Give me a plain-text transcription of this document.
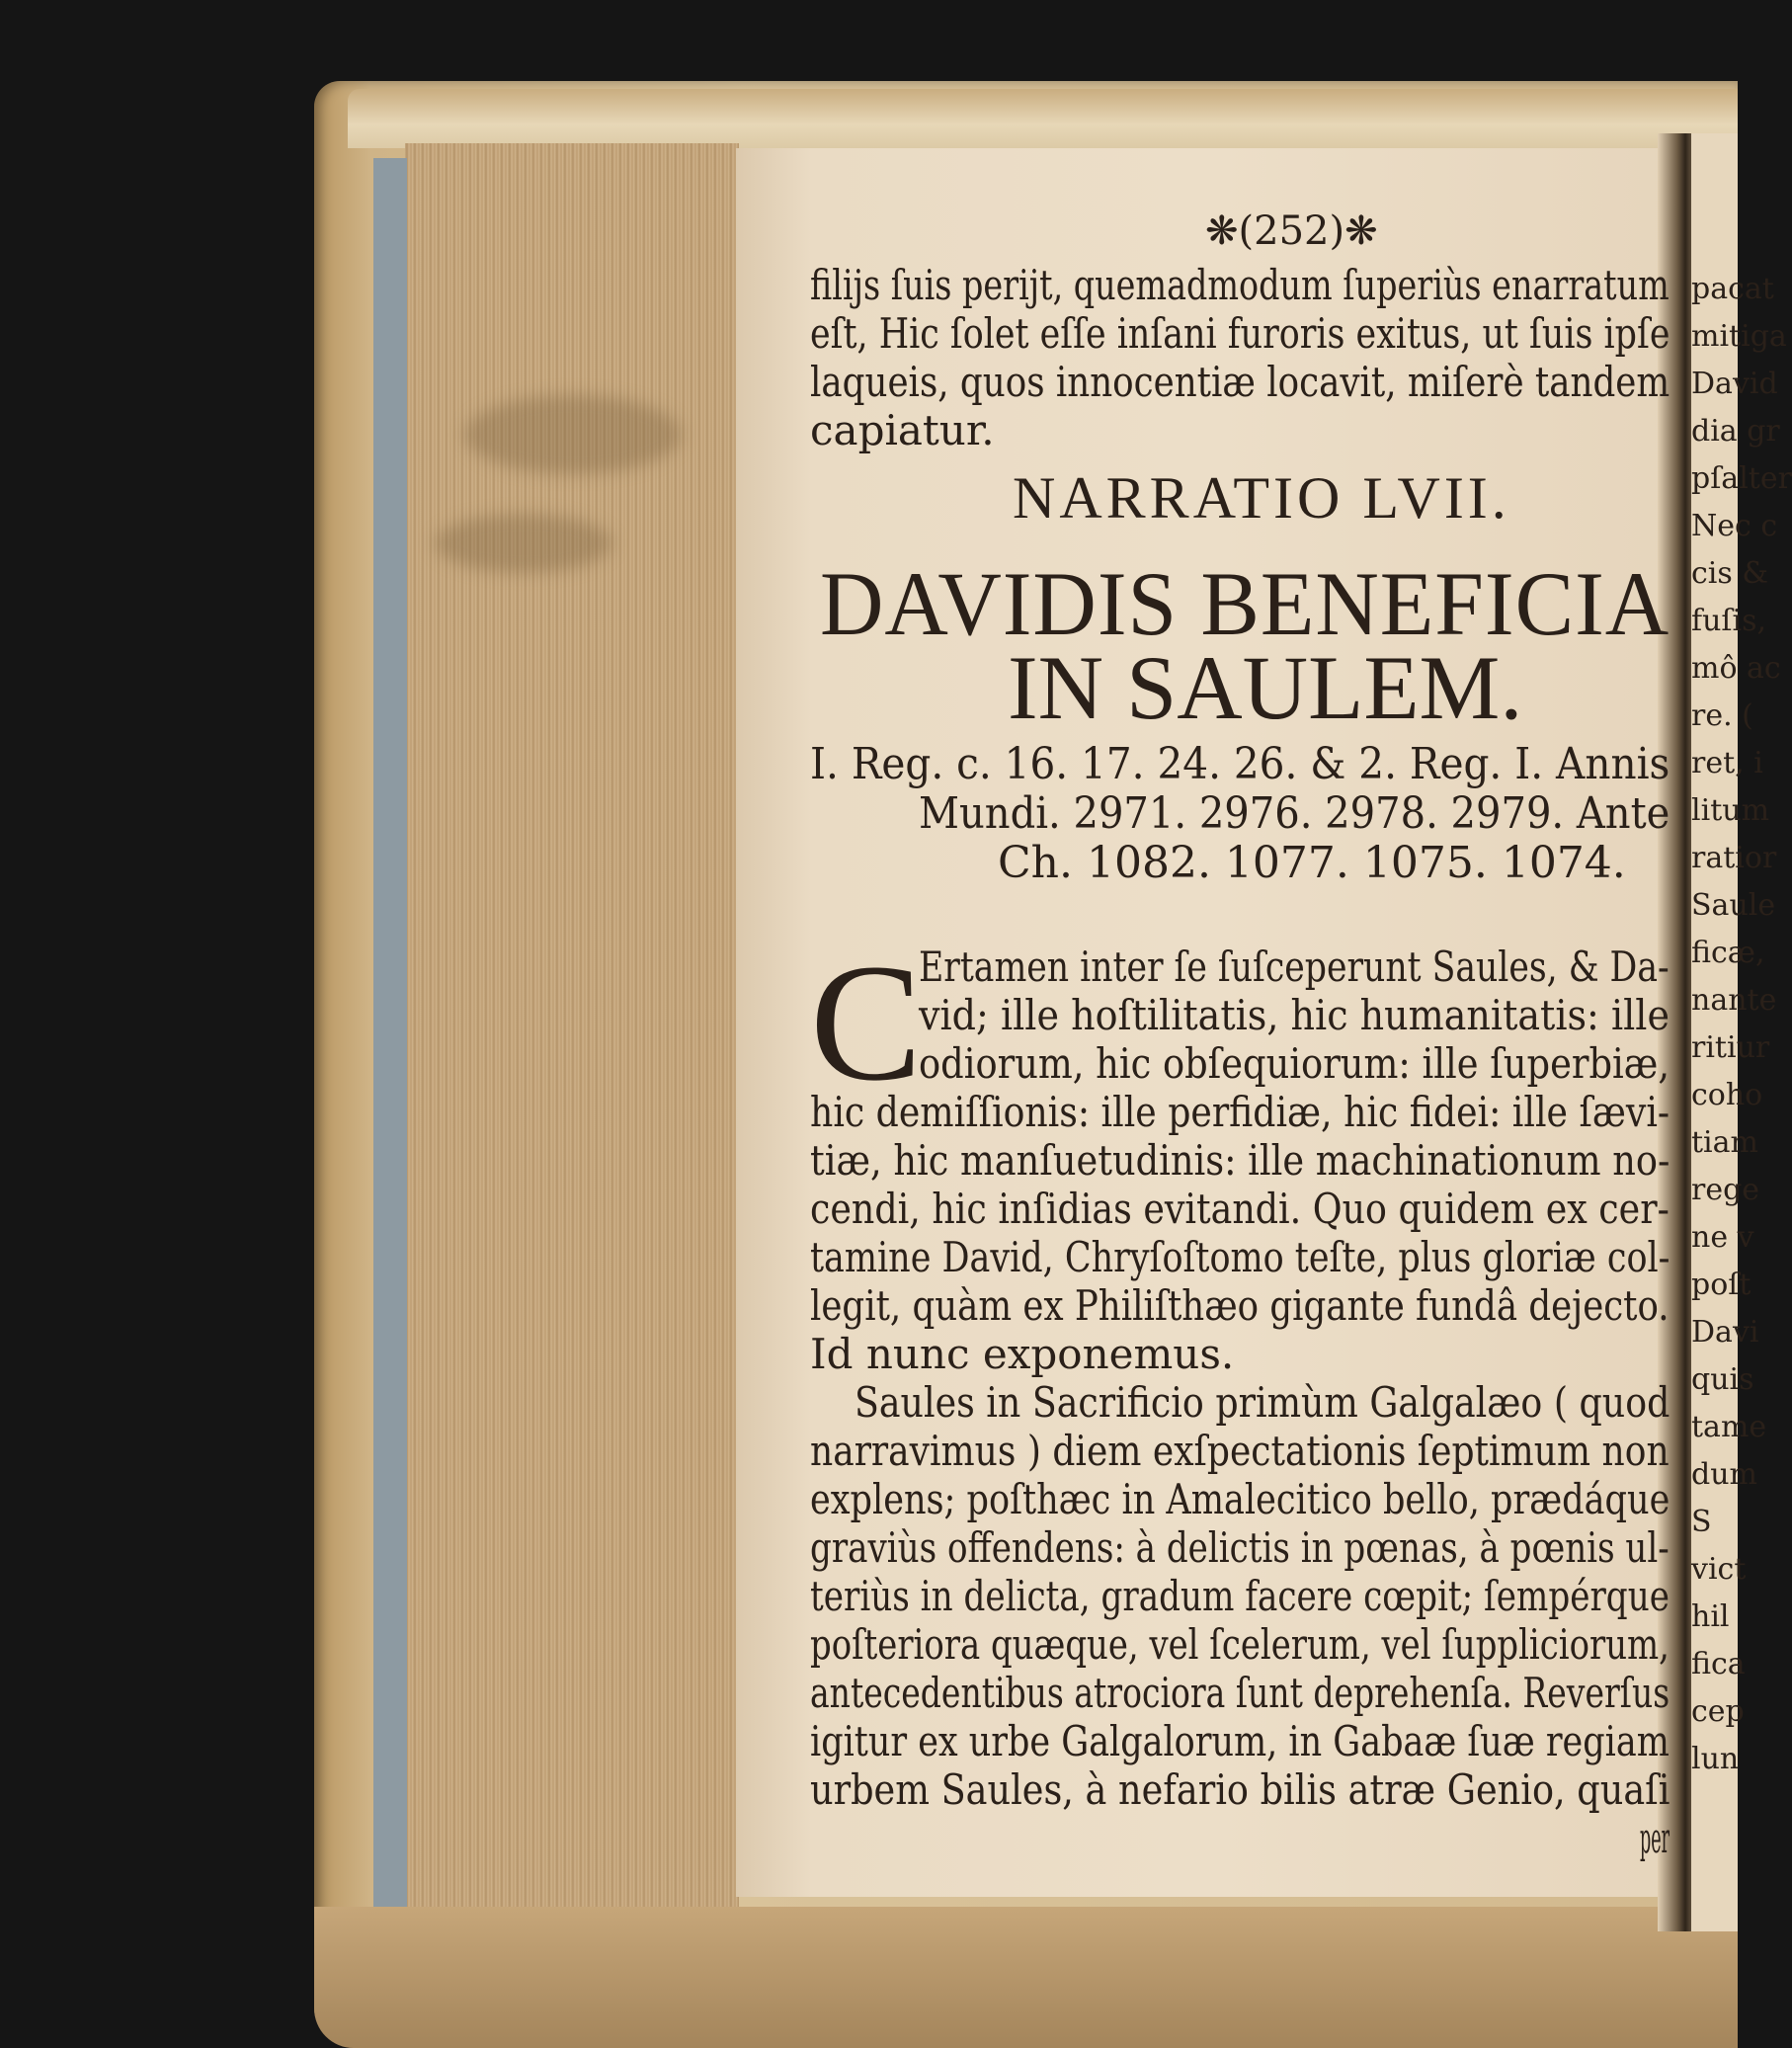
pacat
mitiga
David
dia gr
pſalter
Nec c
cis &
fuſis,
mô ac
re. (
ret, i
litum
ratior
Saule
ficæ,
nante
ritiur
coho
tiam
rege
ne v
poſt
Davi
quis
tame
dum
S
vict
hil
fica
cep
lun
❋(252)❋
filijs ſuis perijt, quemadmodum ſuperiùs enarratum
eſt, Hic ſolet eſſe inſani furoris exitus, ut ſuis ipſe
laqueis, quos innocentiæ locavit, miſerè tandem
capiatur.
NARRATIO LVII.
DAVIDIS BENEFICIA
IN SAULEM.
I. Reg. c. 16. 17. 24. 26. & 2. Reg. I. Annis
Mundi. 2971. 2976. 2978. 2979. Ante
Ch. 1082. 1077. 1075. 1074.
C
Ertamen inter ſe ſuſceperunt Saules, & Da-
vid; ille hoſtilitatis, hic humanitatis: ille
odiorum, hic obſequiorum: ille ſuperbiæ,
hic demiſſionis: ille perfidiæ, hic fidei: ille ſævi-
tiæ, hic manſuetudinis: ille machinationum no-
cendi, hic inſidias evitandi. Quo quidem ex cer-
tamine David, Chryſoſtomo teſte, plus gloriæ col-
legit, quàm ex Philiſthæo gigante fundâ dejecto.
Id nunc exponemus.
Saules in Sacrificio primùm Galgalæo ( quod
narravimus ) diem exſpectationis ſeptimum non
explens; poſthæc in Amalecitico bello, prædáque
graviùs offendens: à delictis in pœnas, à pœnis ul-
teriùs in delicta, gradum facere cœpit; ſempérque
poſteriora quæque, vel ſcelerum, vel ſuppliciorum,
antecedentibus atrociora ſunt deprehenſa. Reverſus
igitur ex urbe Galgalorum, in Gabaæ ſuæ regiam
urbem Saules, à nefario bilis atræ Genio, quaſi
per
